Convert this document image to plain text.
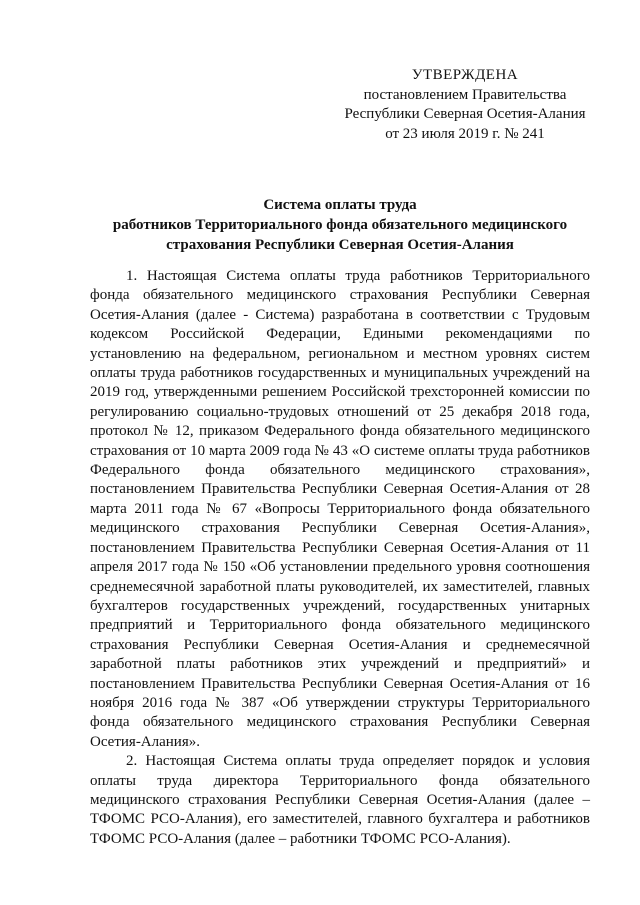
УТВЕРЖДЕНА
постановлением Правительства
Республики Северная Осетия-Алания
от 23 июля 2019 г. № 241
Система оплаты труда
работников Территориального фонда обязательного медицинского
страхования Республики Северная Осетия-Алания

1. Настоящая Система оплаты труда работников Территориального фонда обязательного медицинского страхования Республики Северная Осетия-Алания (далее - Система) разработана в соответствии с Трудовым кодексом Российской Федерации, Едиными рекомендациями по установлению на федеральном, региональном и местном уровнях систем оплаты труда работников государственных и муниципальных учреждений на 2019 год, утвержденными решением Российской трехсторонней комиссии по регулированию социально-трудовых отношений от 25 декабря 2018 года, протокол № 12, приказом Федерального фонда обязательного медицинского страхования от 10 марта 2009 года № 43 «О системе оплаты труда работников Федерального фонда обязательного медицинского страхования», постановлением Правительства Республики Северная Осетия-Алания от 28 марта 2011 года № 67 «Вопросы Территориального фонда обязательного медицинского страхования Республики Северная Осетия-Алания», постановлением Правительства Республики Северная Осетия-Алания от 11 апреля 2017 года № 150 «Об установлении предельного уровня соотношения среднемесячной заработной платы руководителей, их заместителей, главных бухгалтеров государственных учреждений, государственных унитарных предприятий и Территориального фонда обязательного медицинского страхования Республики Северная Осетия-Алания и среднемесячной заработной платы работников этих учреждений и предприятий» и постановлением Правительства Республики Северная Осетия-Алания от 16 ноября 2016 года № 387 «Об утверждении структуры Территориального фонда обязательного медицинского страхования Республики Северная Осетия-Алания».

2. Настоящая Система оплаты труда определяет порядок и условия оплаты труда директора Территориального фонда обязательного медицинского страхования Республики Северная Осетия-Алания (далее – ТФОМС РСО-Алания), его заместителей, главного бухгалтера и работников ТФОМС РСО-Алания (далее – работники ТФОМС РСО-Алания).
